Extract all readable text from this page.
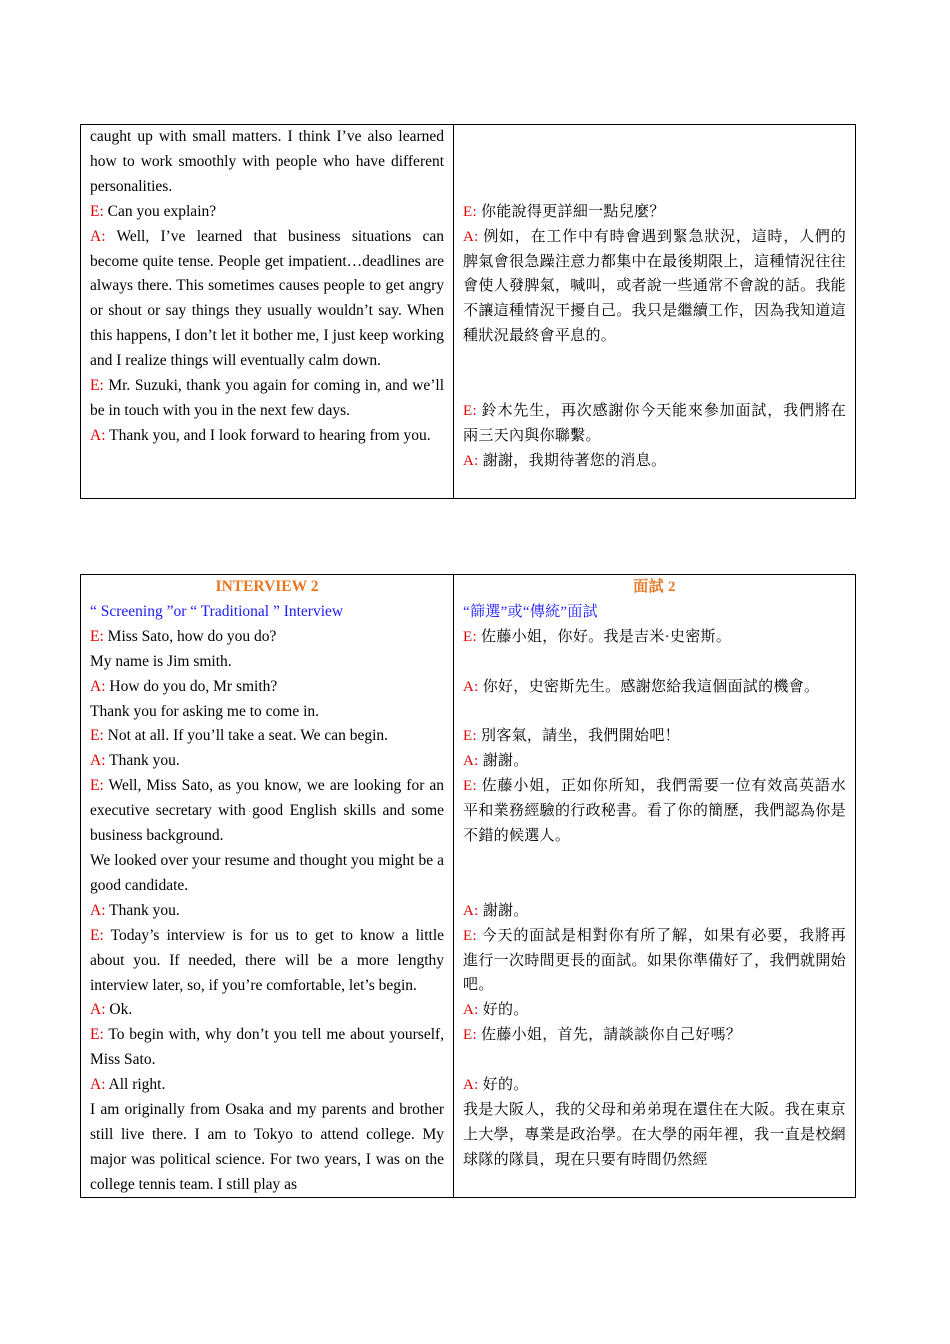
caught up with small matters. I think I’ve also learned how to work smoothly with people who have different personalities.
E: Can you explain?
A: Well, I’ve learned that business situations can become quite tense. People get impatient…deadlines are always there. This sometimes causes people to get angry or shout or say things they usually wouldn’t say. When this happens, I don’t let it bother me, I just keep working and I realize things will eventually calm down.
E: Mr. Suzuki, thank you again for coming in, and we’ll be in touch with you in the next few days.
A: Thank you, and I look forward to hearing from you.
E: 你能說得更詳細一點兒麼？
A: 例如，在工作中有時會遇到緊急狀況，這時，人們的脾氣會很急躁注意力都集中在最後期限上，這種情況往往會使人發脾氣，喊叫，或者說一些通常不會說的話。我能不讓這種情況干擾自己。我只是繼續工作，因為我知道這種狀況最終會平息的。
E: 鈴木先生，再次感謝你今天能來參加面試，我們將在兩三天內與你聯繫。
A: 謝謝，我期待著您的消息。
INTERVIEW 2
“ Screening ”or “ Traditional ” Interview
E: Miss Sato, how do you do?
My name is Jim smith.
A: How do you do, Mr smith?
Thank you for asking me to come in.
E: Not at all. If you’ll take a seat. We can begin.
A: Thank you.
E: Well, Miss Sato, as you know, we are looking for an executive secretary with good English skills and some business background.
We looked over your resume and thought you might be a good candidate.
A: Thank you.
E: Today’s interview is for us to get to know a little about you. If needed, there will be a more lengthy interview later, so, if you’re comfortable, let’s begin.
A: Ok.
E: To begin with, why don’t you tell me about yourself, Miss Sato.
A: All right.
I am originally from Osaka and my parents and brother still live there. I am to Tokyo to attend college. My major was political science. For two years, I was on the college tennis team. I still play as
面試 2
“篩選”或“傳統”面試
E: 佐藤小姐，你好。我是吉米·史密斯。
A: 你好，史密斯先生。感謝您給我這個面試的機會。
E: 別客氣，請坐，我們開始吧！
A: 謝謝。
E: 佐藤小姐，正如你所知，我們需要一位有效高英語水平和業務經驗的行政秘書。看了你的簡歷，我們認為你是不錯的候選人。
A: 謝謝。
E: 今天的面試是相對你有所了解，如果有必要，我將再進行一次時間更長的面試。如果你準備好了，我們就開始吧。
A: 好的。
E: 佐藤小姐，首先，請談談你自己好嗎？
A: 好的。
我是大阪人，我的父母和弟弟現在還住在大阪。我在東京上大學，專業是政治學。在大學的兩年裡，我一直是校網球隊的隊員，現在只要有時間仍然經
